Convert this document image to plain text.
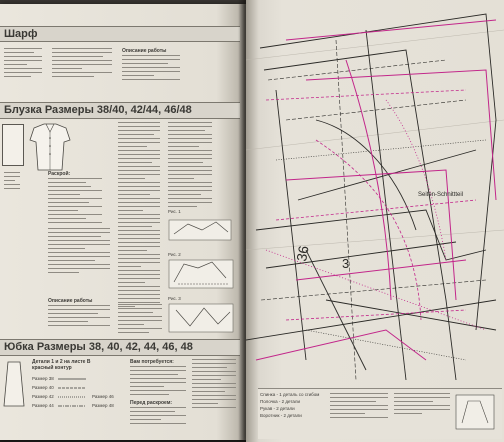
Шарф
Описание работы
Блузка Размеры 38/40, 42/44, 46/48
Раскрой:
Описание работы
Рис. 1
Рис. 2
Рис. 3
Юбка Размеры 38, 40, 42, 44, 46, 48
Детали 1 и 2 на листе В
красный контур
Размер 38
Размер 40
Размер 42
Размер 44
Размер 46
Размер 48
Вам потребуется:
Перед раскроем:
36
3
Seiten-Schnittteil
Спинка - 1 деталь со сгибом
Полочка - 2 детали
Рукав - 2 детали
Воротник - 2 детали
